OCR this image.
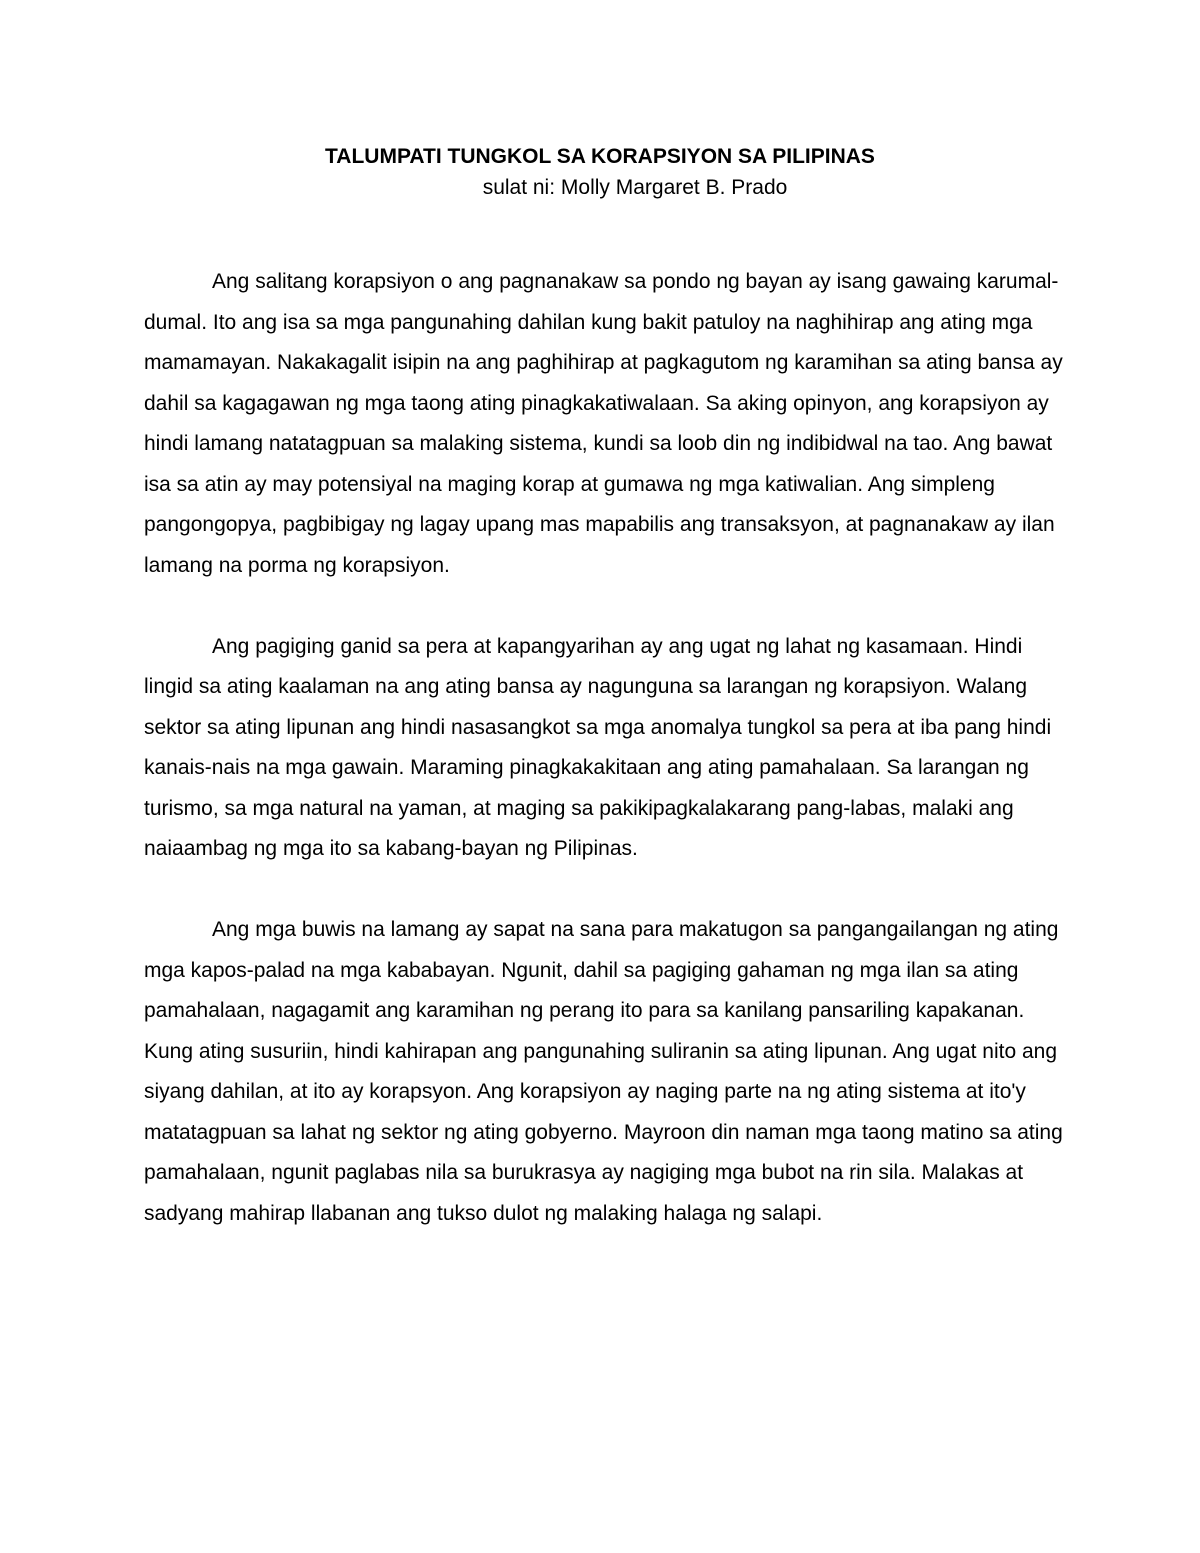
TALUMPATI TUNGKOL SA KORAPSIYON SA PILIPINAS

sulat ni: Molly Margaret B. Prado

Ang salitang korapsiyon o ang pagnanakaw sa pondo ng bayan ay isang gawaing karumal-dumal. Ito ang isa sa mga pangunahing dahilan kung bakit patuloy na naghihirap ang ating mga mamamayan. Nakakagalit isipin na ang paghihirap at pagkagutom ng karamihan sa ating bansa ay dahil sa kagagawan ng mga taong ating pinagkakatiwalaan. Sa aking opinyon, ang korapsiyon ay hindi lamang natatagpuan sa malaking sistema, kundi sa loob din ng indibidwal na tao. Ang bawat isa sa atin ay may potensiyal na maging korap at gumawa ng mga katiwalian. Ang simpleng pangongopya, pagbibigay ng lagay upang mas mapabilis ang transaksyon, at pagnanakaw ay ilan lamang na porma ng korapsiyon.

Ang pagiging ganid sa pera at kapangyarihan ay ang ugat ng lahat ng kasamaan. Hindi lingid sa ating kaalaman na ang ating bansa ay nagunguna sa larangan ng korapsiyon. Walang sektor sa ating lipunan ang hindi nasasangkot sa mga anomalya tungkol sa pera at iba pang hindi kanais-nais na mga gawain. Maraming pinagkakakitaan ang ating pamahalaan. Sa larangan ng turismo, sa mga natural na yaman, at maging sa pakikipagkalakarang pang-labas, malaki ang naiaambag ng mga ito sa kabang-bayan ng Pilipinas.

Ang mga buwis na lamang ay sapat na sana para makatugon sa pangangailangan ng ating mga kapos-palad na mga kababayan. Ngunit, dahil sa pagiging gahaman ng mga ilan sa ating pamahalaan, nagagamit ang karamihan ng perang ito para sa kanilang pansariling kapakanan. Kung ating susuriin, hindi kahirapan ang pangunahing suliranin sa ating lipunan. Ang ugat nito ang siyang dahilan, at ito ay korapsyon. Ang korapsiyon ay naging parte na ng ating sistema at ito'y matatagpuan sa lahat ng sektor ng ating gobyerno. Mayroon din naman mga taong matino sa ating pamahalaan, ngunit paglabas nila sa burukrasya ay nagiging mga bubot na rin sila. Malakas at sadyang mahirap llabanan ang tukso dulot ng malaking halaga ng salapi.
